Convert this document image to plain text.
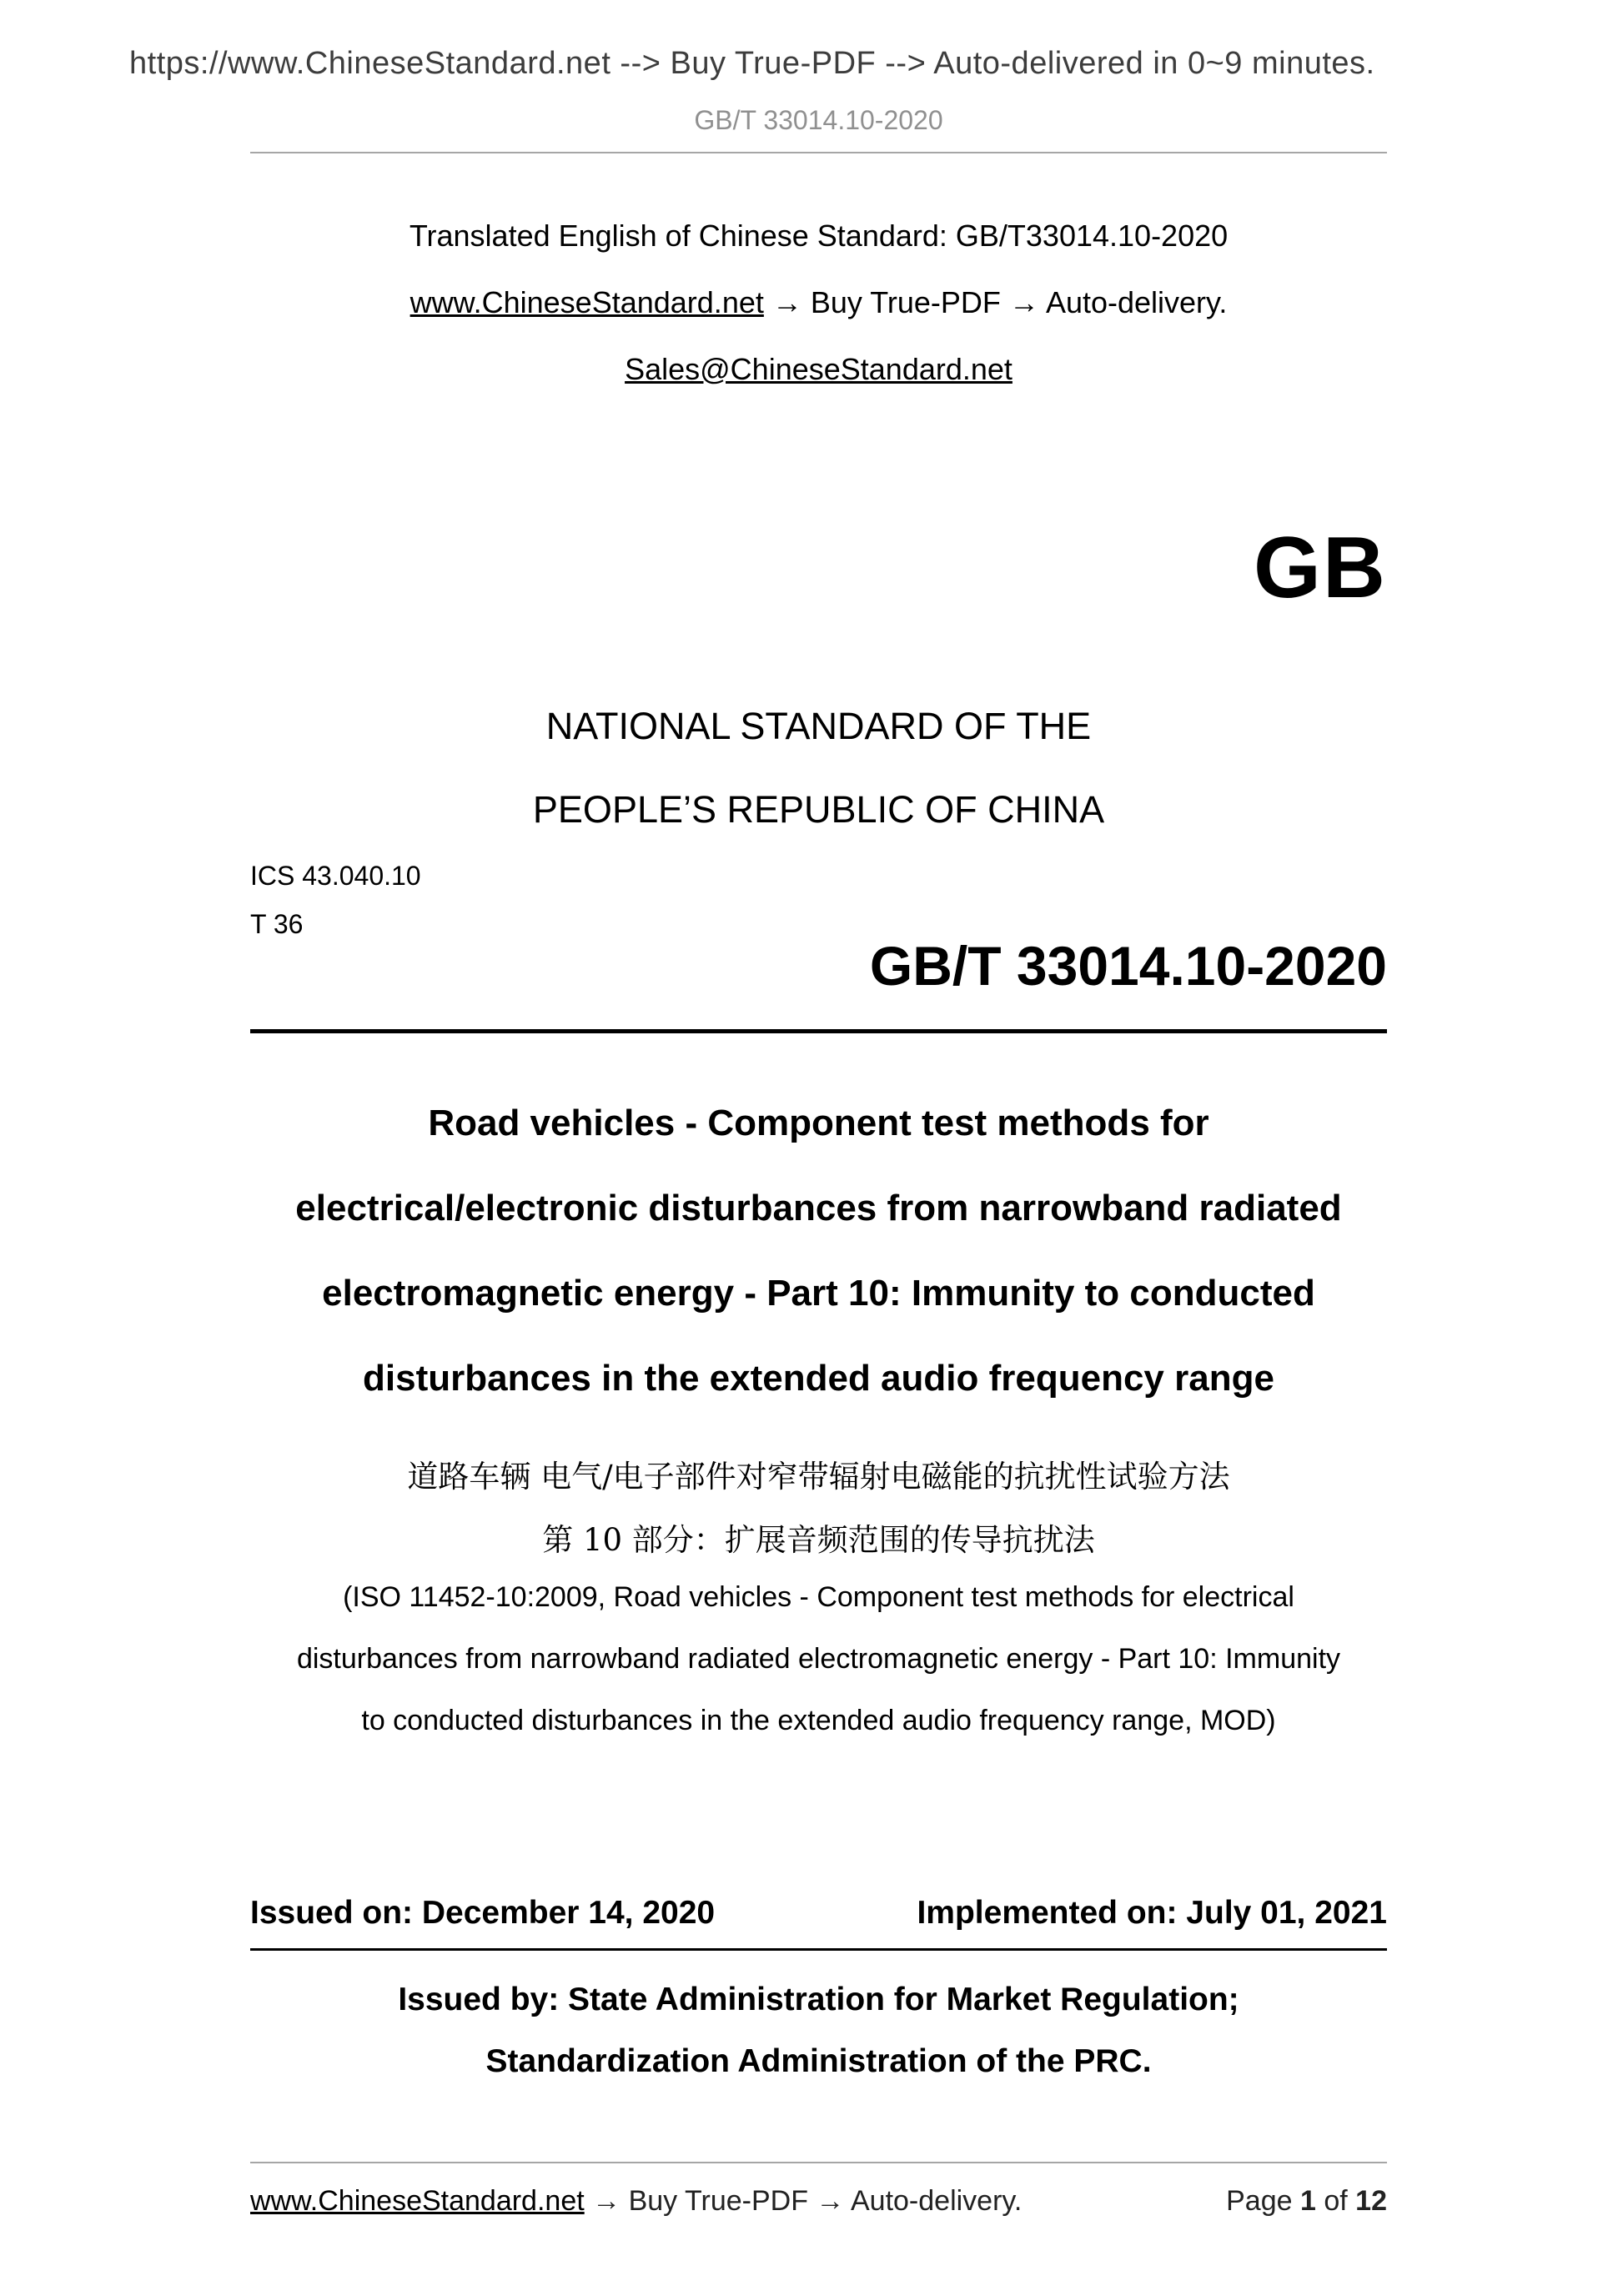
https://www.ChineseStandard.net --> Buy True-PDF --> Auto-delivered in 0~9 minutes.
GB/T 33014.10-2020
Translated English of Chinese Standard: GB/T33014.10-2020
www.ChineseStandard.net → Buy True-PDF → Auto-delivery.
Sales@ChineseStandard.net
GB
NATIONAL STANDARD OF THE
PEOPLE’S REPUBLIC OF CHINA
ICS 43.040.10
T 36
GB/T 33014.10-2020
Road vehicles - Component test methods for
electrical/electronic disturbances from narrowband radiated
electromagnetic energy - Part 10: Immunity to conducted
disturbances in the extended audio frequency range
道路车辆 电气/电子部件对窄带辐射电磁能的抗扰性试验方法
第 10 部分：扩展音频范围的传导抗扰法
(ISO 11452-10:2009, Road vehicles - Component test methods for electrical
disturbances from narrowband radiated electromagnetic energy - Part 10: Immunity
to conducted disturbances in the extended audio frequency range, MOD)
Issued on: December 14, 2020	Implemented on: July 01, 2021
Issued by: State Administration for Market Regulation;
Standardization Administration of the PRC.
www.ChineseStandard.net → Buy True-PDF → Auto-delivery.	Page 1 of 12
